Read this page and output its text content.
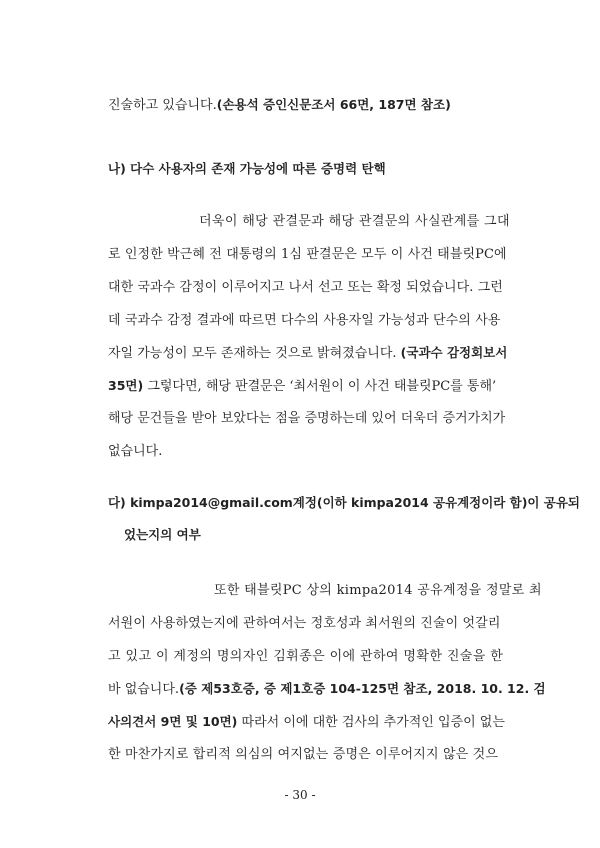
진술하고 있습니다.(손용석 증인신문조서 66면, 187면 참조)
나) 다수 사용자의 존재 가능성에 따른 증명력 탄핵
더욱이 해당 관결문과 해당 관결문의 사실관계를 그대
로 인정한 박근혜 전 대통령의 1심 판결문은 모두 이 사건 태블릿PC에
대한 국과수 감정이 이루어지고 나서 선고 또는 확정 되었습니다. 그런
데 국과수 감정 결과에 따르면 다수의 사용자일 가능성과 단수의 사용
자일 가능성이 모두 존재하는 것으로 밝혀졌습니다. (국과수 감정회보서
35면) 그렇다면, 해당 판결문은 ‘최서원이 이 사건 태블릿PC를 통해’
해당 문건들을 받아 보았다는 점을 증명하는데 있어 더욱더 증거가치가
없습니다.
다) kimpa2014@gmail.com계정(이하 kimpa2014 공유계정이라 함)이 공유되
었는지의 여부
또한 태블릿PC 상의 kimpa2014 공유계정을 정말로 최
서원이 사용하였는지에 관하여서는 정호성과 최서원의 진술이 엇갈리
고 있고 이 계정의 명의자인 김휘종은 이에 관하여 명확한 진술을 한
바 없습니다.(증 제53호증, 증 제1호증 104-125면 참조, 2018. 10. 12. 검
사의견서 9면 및 10면) 따라서 이에 대한 검사의 추가적인 입증이 없는
한 마찬가지로 합리적 의심의 여지없는 증명은 이루어지지 않은 것으
- 30 -
